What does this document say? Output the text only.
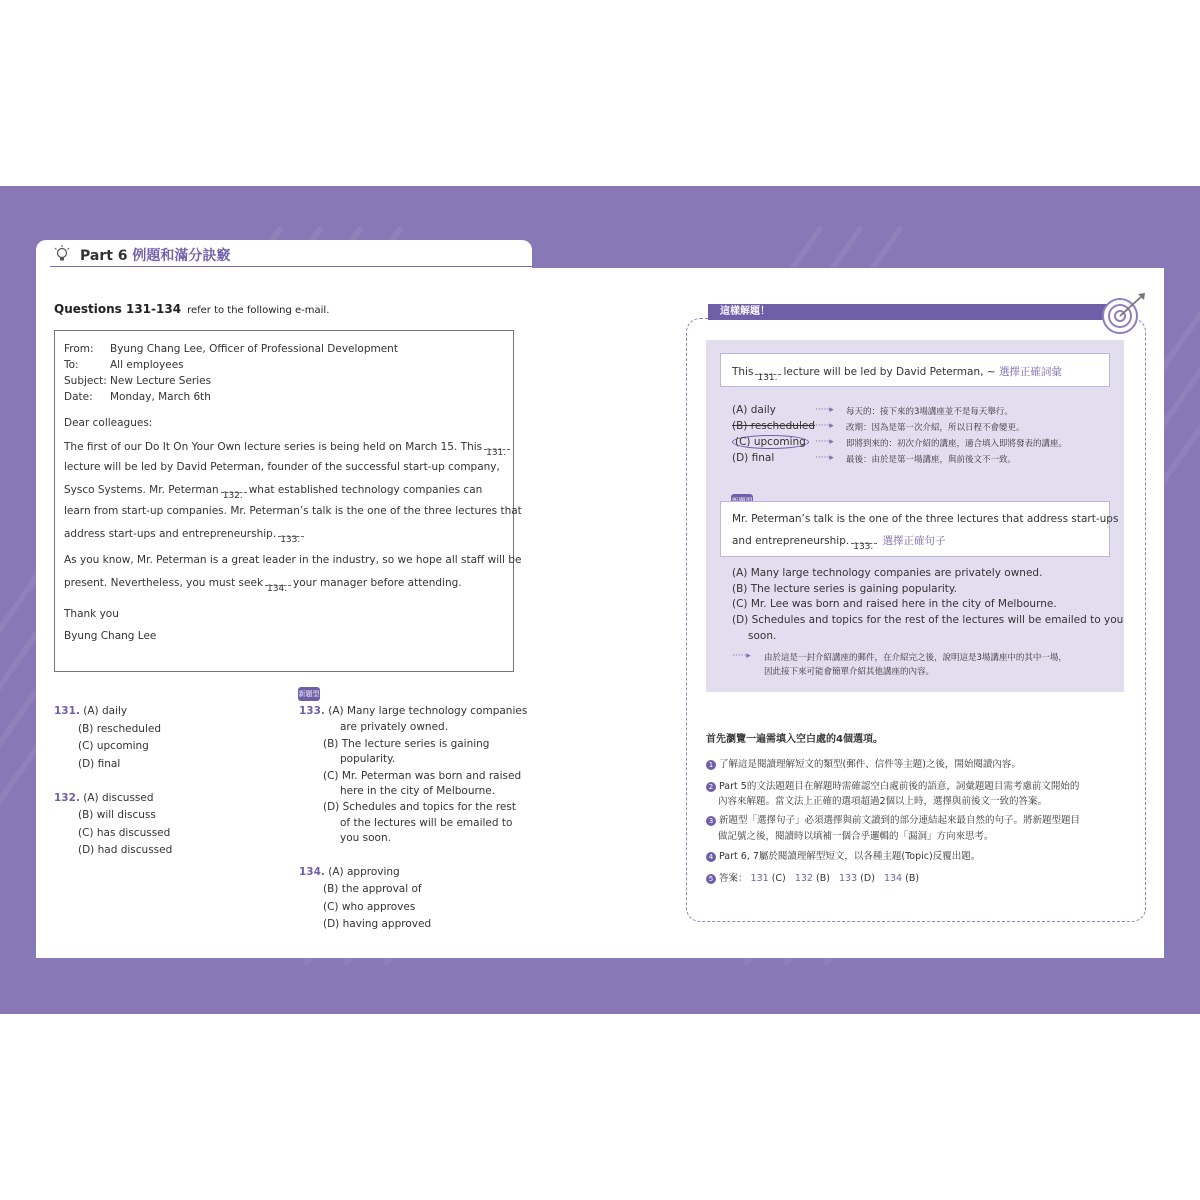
Part 6 例題和滿分訣竅
Questions 131-134 refer to the following e-mail.
From: Byung Chang Lee, Officer of Professional Development
To:	All employees
Subject: New Lecture Series
Date: Monday, March 6th
Dear colleagues:
The first of our Do It On Your Own lecture series is being held on March 15. This 131.
lecture will be led by David Peterman, founder of the successful start-up company,
Sysco Systems. Mr. Peterman 132. what established technology companies can
learn from start-up companies. Mr. Peterman’s talk is the one of the three lectures that
address start-ups and entrepreneurship. 133.
As you know, Mr. Peterman is a great leader in the industry, so we hope all staff will be
present. Nevertheless, you must seek 134. your manager before attending.
Thank you
Byung Chang Lee
131. (A) daily
(B) rescheduled
(C) upcoming
(D) final
132. (A) discussed
(B) will discuss
(C) has discussed
(D) had discussed
新題型
133. (A) Many large technology companies
are privately owned.
(B) The lecture series is gaining
popularity.
(C) Mr. Peterman was born and raised
here in the city of Melbourne.
(D) Schedules and topics for the rest
of the lectures will be emailed to
you soon.
134. (A) approving
(B) the approval of
(C) who approves
(D) having approved
這樣解題！
This 131. lecture will be led by David Peterman, ~ 選擇正確詞彙
(A) daily
(B) rescheduled
(C) upcoming
(D) final
·····▸
·····▸
·····▸
·····▸
每天的：接下來的3場講座並不是每天舉行。
改期：因為是第一次介紹，所以日程不會變更。
即將到來的：初次介紹的講座，適合填入即將發表的講座。
最後：由於是第一場講座，與前後文不一致。
Mr. Peterman’s talk is the one of the three lectures that address start-ups
and entrepreneurship. 133. 選擇正確句子
(A) Many large technology companies are privately owned.
(B) The lecture series is gaining popularity.
(C) Mr. Lee was born and raised here in the city of Melbourne.
(D) Schedules and topics for the rest of the lectures will be emailed to you
soon.
·····▸ 由於這是一封介紹講座的郵件，在介紹完之後，說明這是3場講座中的其中一場，
因此接下來可能會簡單介紹其他講座的內容。
首先瀏覽一遍需填入空白處的4個選項。
1 了解這是閱讀理解短文的類型(郵件、信件等主題)之後，開始閱讀內容。
2 Part 5的文法題題目在解題時需確認空白處前後的語意，詞彙題題目需考慮前文開始的
內容來解題。當文法上正確的選項超過2個以上時，選擇與前後文一致的答案。
3 新題型「選擇句子」必須選擇與前文讀到的部分連結起來最自然的句子。將新題型題目
做記號之後，閱讀時以填補一個合乎邏輯的「漏洞」方向來思考。
4 Part 6, 7屬於閱讀理解型短文，以各種主題(Topic)反覆出題。
5 答案： 131 (C) 132 (B) 133 (D) 134 (B)
